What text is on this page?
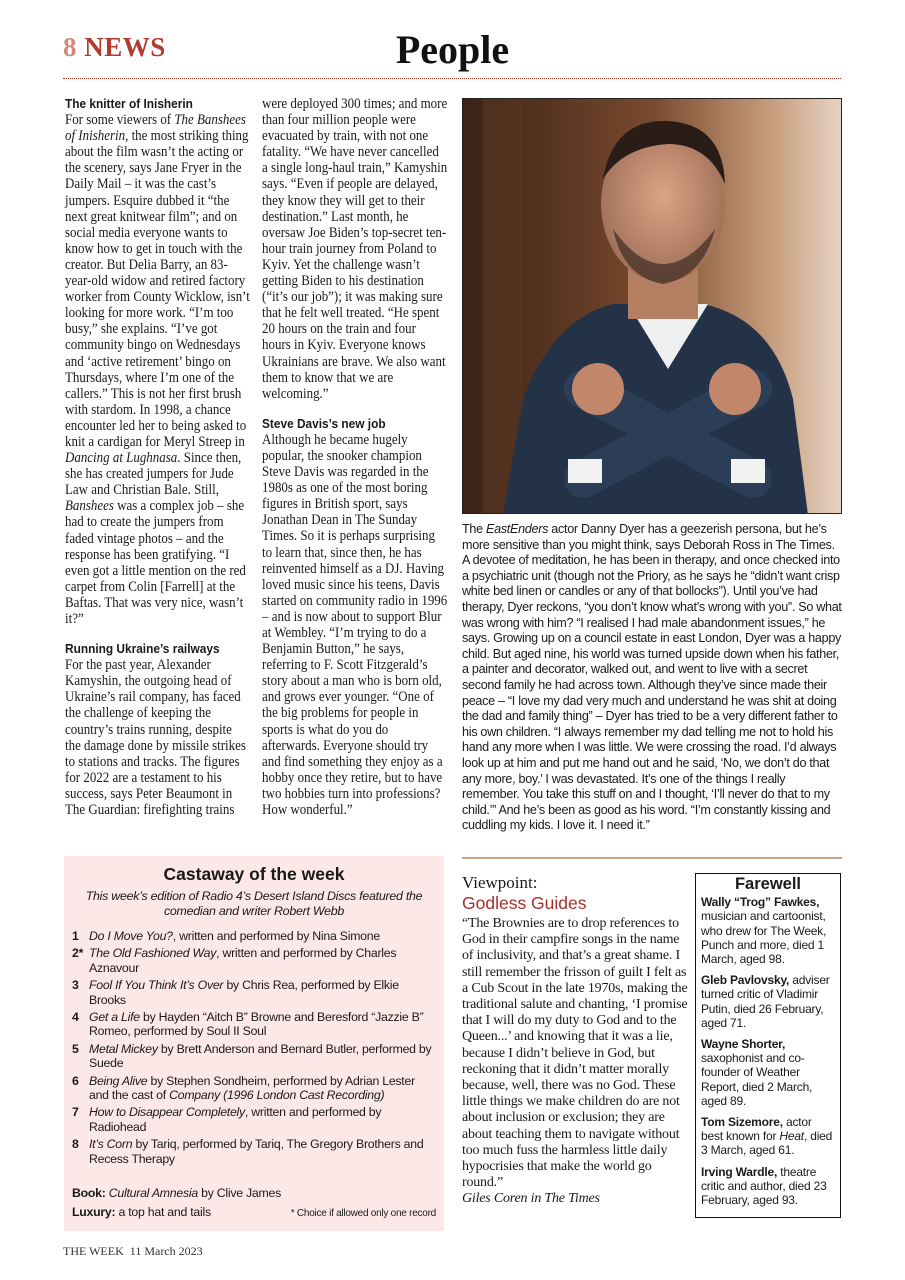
8 NEWS	People
The knitter of Inisherin

For some viewers of The Banshees of Inisherin, the most striking thing about the film wasn’t the acting or the scenery, says Jane Fryer in the Daily Mail – it was the cast’s jumpers. Esquire dubbed it “the next great knitwear film”; and on social media everyone wants to know how to get in touch with the creator. But Delia Barry, an 83-year-old widow and retired factory worker from County Wicklow, isn’t looking for more work. “I’m too busy,” she explains. “I’ve got community bingo on Wednesdays and ‘active retirement’ bingo on Thursdays, where I’m one of the callers.” This is not her first brush with stardom. In 1998, a chance encounter led her to being asked to knit a cardigan for Meryl Streep in Dancing at Lughnasa. Since then, she has created jumpers for Jude Law and Christian Bale. Still, Banshees was a complex job – she had to create the jumpers from faded vintage photos – and the response has been gratifying. “I even got a little mention on the red carpet from Colin [Farrell] at the Baftas. That was very nice, wasn’t it?”

Running Ukraine’s railways

For the past year, Alexander Kamyshin, the outgoing head of Ukraine’s rail company, has faced the challenge of keeping the country’s trains running, despite the damage done by missile strikes to stations and tracks. The figures for 2022 are a testament to his success, says Peter Beaumont in The Guardian: firefighting trains

were deployed 300 times; and more than four million people were evacuated by train, with not one fatality. “We have never cancelled a single long-haul train,” Kamyshin says. “Even if people are delayed, they know they will get to their destination.” Last month, he oversaw Joe Biden’s top-secret ten-hour train journey from Poland to Kyiv. Yet the challenge wasn’t getting Biden to his destination (“it’s our job”); it was making sure that he felt well treated. “He spent 20 hours on the train and four hours in Kyiv. Everyone knows Ukrainians are brave. We also want them to know that we are welcoming.”

Steve Davis’s new job

Although he became hugely popular, the snooker champion Steve Davis was regarded in the 1980s as one of the most boring figures in British sport, says Jonathan Dean in The Sunday Times. So it is perhaps surprising to learn that, since then, he has reinvented himself as a DJ. Having loved music since his teens, Davis started on community radio in 1996 – and is now about to support Blur at Wembley. “I’m trying to do a Benjamin Button,” he says, referring to F. Scott Fitzgerald’s story about a man who is born old, and grows ever younger. “One of the big problems for people in sports is what do you do afterwards. Everyone should try and find something they enjoy as a hobby once they retire, but to have two hobbies turn into professions? How wonderful.”

The EastEnders actor Danny Dyer has a geezerish persona, but he’s more sensitive than you might think, says Deborah Ross in The Times. A devotee of meditation, he has been in therapy, and once checked into a psychiatric unit (though not the Priory, as he says he “didn’t want crisp white bed linen or candles or any of that bollocks”). Until you’ve had therapy, Dyer reckons, “you don’t know what’s wrong with you”. So what was wrong with him? “I realised I had male abandonment issues,” he says. Growing up on a council estate in east London, Dyer was a happy child. But aged nine, his world was turned upside down when his father, a painter and decorator, walked out, and went to live with a secret second family he had across town. Although they’ve since made their peace – “I love my dad very much and understand he was shit at doing the dad and family thing” – Dyer has tried to be a very different father to his own children. “I always remember my dad telling me not to hold his hand any more when I was little. We were crossing the road. I’d always look up at him and put me hand out and he said, ‘No, we don’t do that any more, boy.’ I was devastated. It’s one of the things I really remember. You take this stuff on and I thought, ‘I’ll never do that to my child.’” And he’s been as good as his word. “I’m constantly kissing and cuddling my kids. I love it. I need it.”

Castaway of the week
This week’s edition of Radio 4’s Desert Island Discs featured the comedian and writer Robert Webb
1 Do I Move You?, written and performed by Nina Simone
2* The Old Fashioned Way, written and performed by Charles Aznavour
3 Fool If You Think It’s Over by Chris Rea, performed by Elkie Brooks
4 Get a Life by Hayden “Aitch B” Browne and Beresford “Jazzie B” Romeo, performed by Soul II Soul
5 Metal Mickey by Brett Anderson and Bernard Butler, performed by Suede
6 Being Alive by Stephen Sondheim, performed by Adrian Lester and the cast of Company (1996 London Cast Recording)
7 How to Disappear Completely, written and performed by Radiohead
8 It’s Corn by Tariq, performed by Tariq, The Gregory Brothers and Recess Therapy
Book: Cultural Amnesia by Clive James
Luxury: a top hat and tails	* Choice if allowed only one record
Viewpoint:
Godless Guides

“The Brownies are to drop references to God in their campfire songs in the name of inclusivity, and that’s a great shame. I still remember the frisson of guilt I felt as a Cub Scout in the late 1970s, making the traditional salute and chanting, ‘I promise that I will do my duty to God and to the Queen...’ and knowing that it was a lie, because I didn’t believe in God, but reckoning that it didn’t matter morally because, well, there was no God. These little things we make children do are not about inclusion or exclusion; they are about teaching them to navigate without too much fuss the harmless little daily hypocrisies that make the world go round.”

Giles Coren in The Times

Farewell

Wally “Trog” Fawkes, musician and cartoonist, who drew for The Week, Punch and more, died 1 March, aged 98.

Gleb Pavlovsky, adviser turned critic of Vladimir Putin, died 26 February, aged 71.

Wayne Shorter, saxophonist and co-founder of Weather Report, died 2 March, aged 89.

Tom Sizemore, actor best known for Heat, died 3 March, aged 61.

Irving Wardle, theatre critic and author, died 23 February, aged 93.

THE WEEK  11 March 2023
